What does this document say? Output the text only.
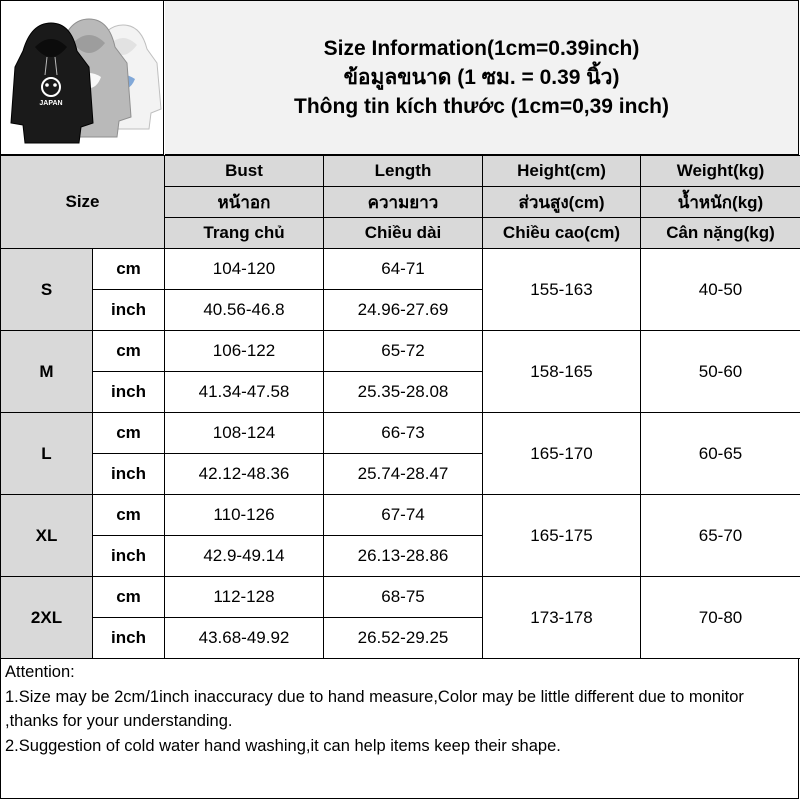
JAPAN
Size Information(1cm=0.39inch)
ข้อมูลขนาด (1 ซม. = 0.39 นิ้ว)
Thông tin kích thước (1cm=0,39 inch)
Size		Bust	Length	Height(cm)	Weight(kg)
		หน้าอก	ความยาว	ส่วนสูง(cm)	น้ำหนัก(kg)
		Trang chủ	Chiều dài	Chiều cao(cm)	Cân nặng(kg)
S	cm	104-120	64-71	155-163	40-50
	inch	40.56-46.8	24.96-27.69		
M	cm	106-122	65-72	158-165	50-60
	inch	41.34-47.58	25.35-28.08		
L	cm	108-124	66-73	165-170	60-65
	inch	42.12-48.36	25.74-28.47		
XL	cm	110-126	67-74	165-175	65-70
	inch	42.9-49.14	26.13-28.86		
2XL	cm	112-128	68-75	173-178	70-80
	inch	43.68-49.92	26.52-29.25		
Attention:
1.Size may be 2cm/1inch inaccuracy due to hand measure,Color may be little different due to monitor ,thanks for your understanding.
2.Suggestion of cold water hand washing,it can help items keep their shape.
